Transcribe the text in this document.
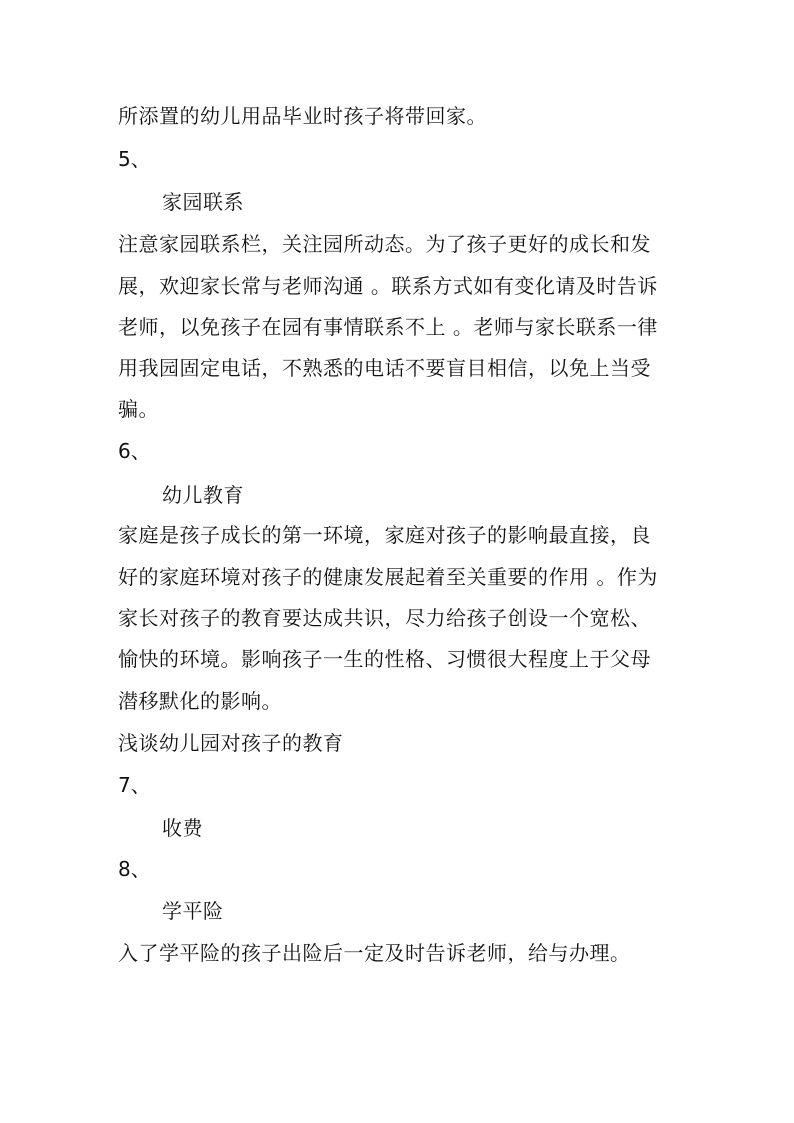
所添置的幼儿用品毕业时孩子将带回家。
5、
家园联系
注意家园联系栏，关注园所动态。为了孩子更好的成长和发
展，欢迎家长常与老师沟通 。联系方式如有变化请及时告诉
老师，以免孩子在园有事情联系不上 。老师与家长联系一律
用我园固定电话，不熟悉的电话不要盲目相信，以免上当受
骗。
6、
幼儿教育
家庭是孩子成长的第一环境，家庭对孩子的影响最直接，良
好的家庭环境对孩子的健康发展起着至关重要的作用 。作为
家长对孩子的教育要达成共识，尽力给孩子创设一个宽松、
愉快的环境。影响孩子一生的性格、习惯很大程度上于父母
潜移默化的影响。
浅谈幼儿园对孩子的教育
7、
收费
8、
学平险
入了学平险的孩子出险后一定及时告诉老师，给与办理。
